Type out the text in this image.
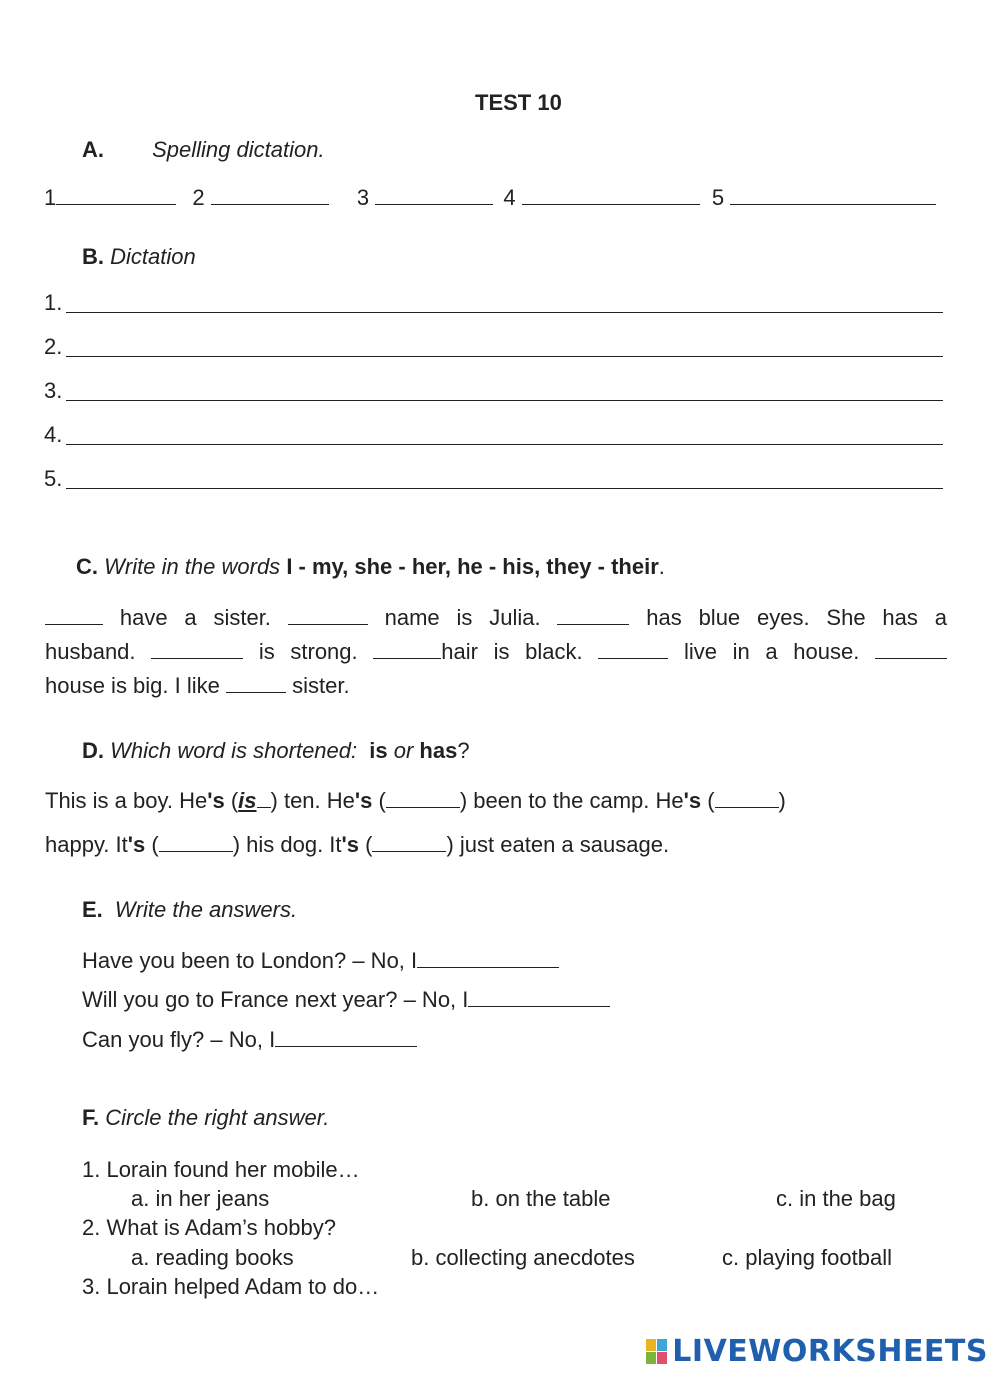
TEST 10
A. Spelling dictation.
1	2	3	4	5
B. Dictation
1.
2.
3.
4.
5.
C. Write in the words I - my, she - her, he - his, they - their.
have a sister.	name is Julia.	has blue eyes. She has a
husband.	is strong.	hair is black.	live in a house.
house is big. I like	sister.
D. Which word is shortened: is or has?
This is a boy. He's (is ) ten. He's (	) been to the camp. He's (	)
happy. It's (	) his dog. It's (	) just eaten a sausage.
E. Write the answers.
Have you been to London? – No, I
Will you go to France next year? – No, I
Can you fly? – No, I
F. Circle the right answer.
1. Lorain found her mobile…
a. in her jeans	b. on the table	c. in the bag
2. What is Adam’s hobby?
a. reading books	b. collecting anecdotes	c. playing football
3. Lorain helped Adam to do…
LIVEWORKSHEETS
